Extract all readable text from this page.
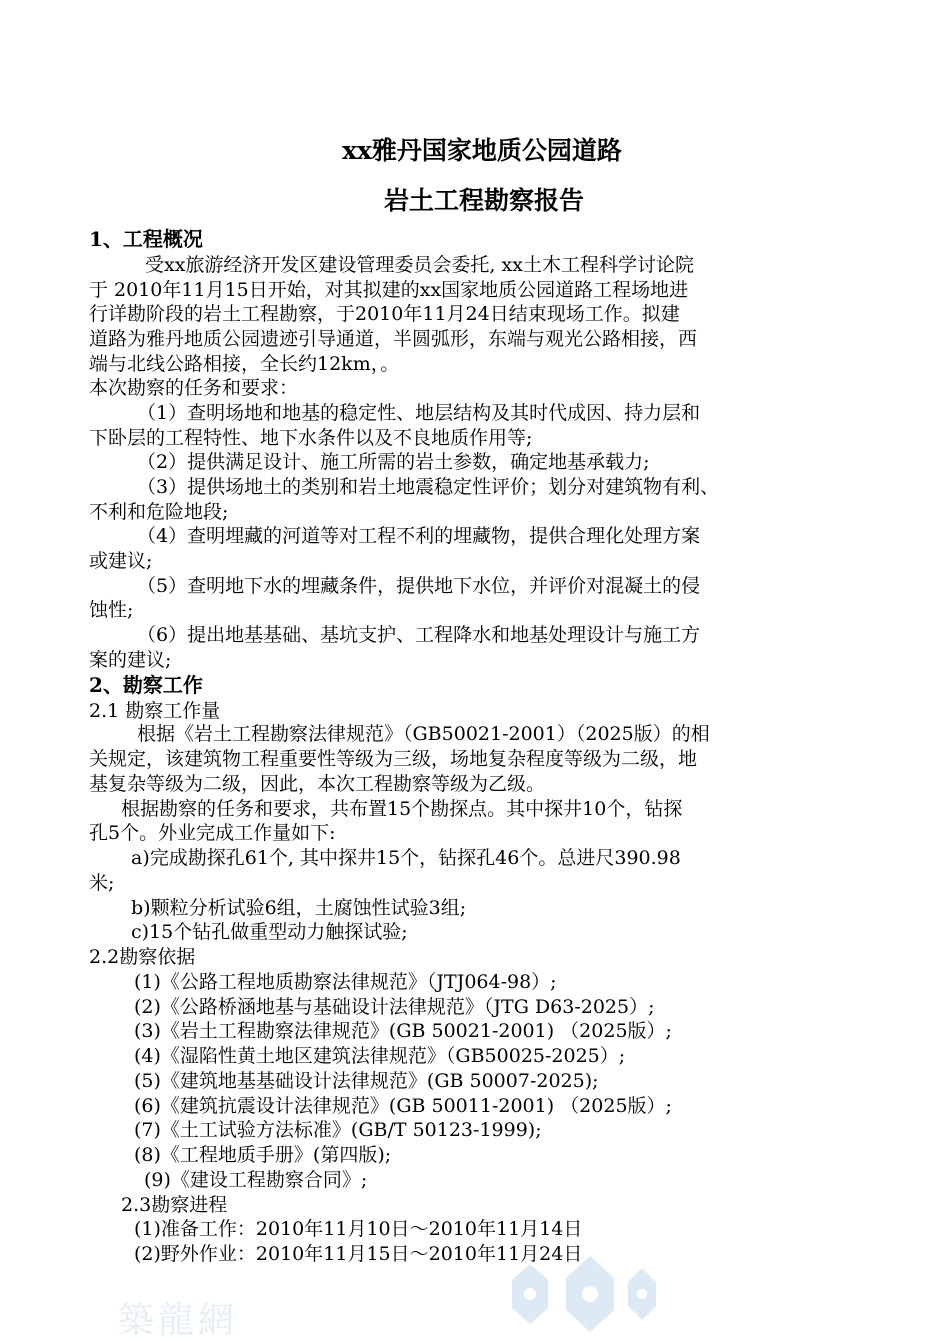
築龍網
xx雅丹国家地质公园道路
岩土工程勘察报告
1、工程概况
受xx旅游经济开发区建设管理委员会委托, xx土木工程科学讨论院
于 2010年11月15日开始，对其拟建的xx国家地质公园道路工程场地进
行详勘阶段的岩土工程勘察，于2010年11月24日结束现场工作。拟建
道路为雅丹地质公园遗迹引导通道，半圆弧形，东端与观光公路相接，西
端与北线公路相接，全长约12km，。
本次勘察的任务和要求：
（1）查明场地和地基的稳定性、地层结构及其时代成因、持力层和
下卧层的工程特性、地下水条件以及不良地质作用等;
（2）提供满足设计、施工所需的岩土参数，确定地基承载力;
（3）提供场地土的类别和岩土地震稳定性评价；划分对建筑物有利、
不利和危险地段;
（4）查明埋藏的河道等对工程不利的埋藏物，提供合理化处理方案
或建议;
（5）查明地下水的埋藏条件，提供地下水位，并评价对混凝土的侵
蚀性;
（6）提出地基基础、基坑支护、工程降水和地基处理设计与施工方
案的建议;
2、勘察工作
2.1 勘察工作量
根据《岩土工程勘察法律规范》（GB50021-2001）（2025版）的相
关规定，该建筑物工程重要性等级为三级，场地复杂程度等级为二级，地
基复杂等级为二级，因此，本次工程勘察等级为乙级。
根据勘察的任务和要求，共布置15个勘探点。其中探井10个，钻探
孔5个。外业完成工作量如下:
a)完成勘探孔61个, 其中探井15个，钻探孔46个。总进尺390.98
米;
b)颗粒分析试验6组，土腐蚀性试验3组;
c)15个钻孔做重型动力触探试验;
2.2勘察依据
(1)《公路工程地质勘察法律规范》（JTJ064-98）;
(2)《公路桥涵地基与基础设计法律规范》（JTG D63-2025）;
(3)《岩土工程勘察法律规范》(GB 50021-2001) （2025版）;
(4)《湿陷性黄土地区建筑法律规范》（GB50025-2025）;
(5)《建筑地基基础设计法律规范》(GB 50007-2025);
(6)《建筑抗震设计法律规范》(GB 50011-2001) （2025版）;
(7)《土工试验方法标准》(GB/T 50123-1999);
(8)《工程地质手册》(第四版);
(9)《建设工程勘察合同》;
2.3勘察进程
(1)准备工作：2010年11月10日～2010年11月14日
(2)野外作业：2010年11月15日～2010年11月24日
